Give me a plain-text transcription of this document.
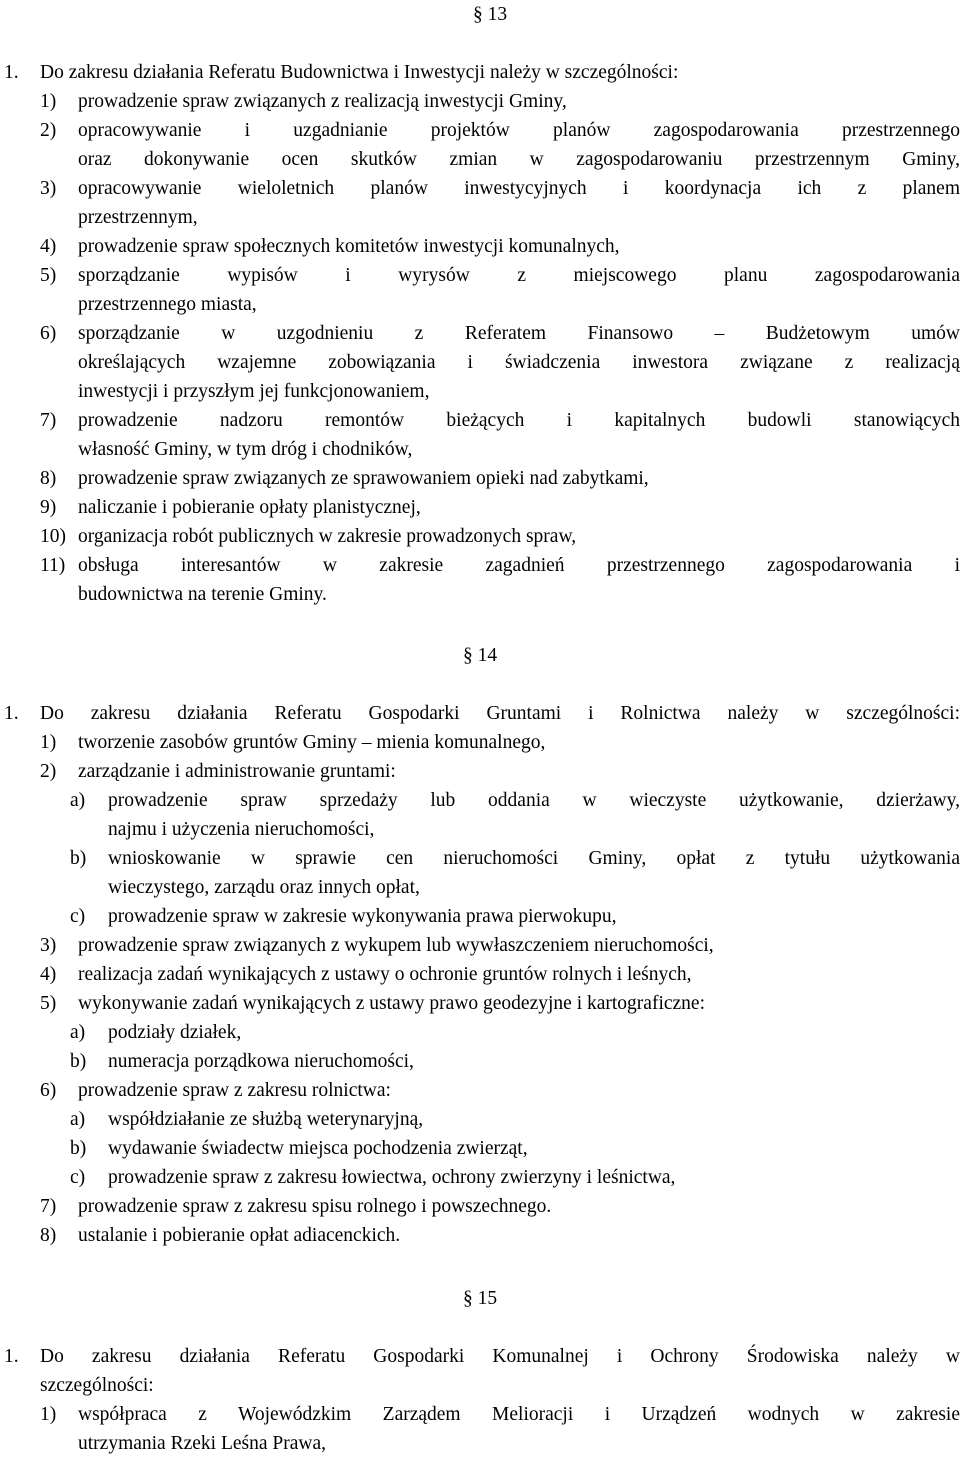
§ 13
1. Do zakresu działania Referatu Budownictwa i Inwestycji należy w szczególności:
1) prowadzenie spraw związanych z realizacją inwestycji Gminy,
2) opracowywanie i uzgadnianie projektów planów zagospodarowania przestrzennego
oraz dokonywanie ocen skutków zmian w zagospodarowaniu przestrzennym Gminy,
3) opracowywanie wieloletnich planów inwestycyjnych i koordynacja ich z planem
przestrzennym,
4) prowadzenie spraw społecznych komitetów inwestycji komunalnych,
5) sporządzanie wypisów i wyrysów z miejscowego planu zagospodarowania
przestrzennego miasta,
6) sporządzanie w uzgodnieniu z Referatem Finansowo – Budżetowym umów
określających wzajemne zobowiązania i świadczenia inwestora związane z realizacją
inwestycji i przyszłym jej funkcjonowaniem,
7) prowadzenie nadzoru remontów bieżących i kapitalnych budowli stanowiących
własność Gminy, w tym dróg i chodników,
8) prowadzenie spraw związanych ze sprawowaniem opieki nad zabytkami,
9) naliczanie i pobieranie opłaty planistycznej,
10) organizacja robót publicznych w zakresie prowadzonych spraw,
11) obsługa interesantów w zakresie zagadnień przestrzennego zagospodarowania i
budownictwa na terenie Gminy.
§ 14
1. Do zakresu działania Referatu Gospodarki Gruntami i Rolnictwa należy w szczególności:
1) tworzenie zasobów gruntów Gminy – mienia komunalnego,
2) zarządzanie i administrowanie gruntami:
a) prowadzenie spraw sprzedaży lub oddania w wieczyste użytkowanie, dzierżawy,
najmu i użyczenia nieruchomości,
b) wnioskowanie w sprawie cen nieruchomości Gminy, opłat z tytułu użytkowania
wieczystego, zarządu oraz innych opłat,
c) prowadzenie spraw w zakresie wykonywania prawa pierwokupu,
3) prowadzenie spraw związanych z wykupem lub wywłaszczeniem nieruchomości,
4) realizacja zadań wynikających z ustawy o ochronie gruntów rolnych i leśnych,
5) wykonywanie zadań wynikających z ustawy prawo geodezyjne i kartograficzne:
a) podziały działek,
b) numeracja porządkowa nieruchomości,
6) prowadzenie spraw z zakresu rolnictwa:
a) współdziałanie ze służbą weterynaryjną,
b) wydawanie świadectw miejsca pochodzenia zwierząt,
c) prowadzenie spraw z zakresu łowiectwa, ochrony zwierzyny i leśnictwa,
7) prowadzenie spraw z zakresu spisu rolnego i powszechnego.
8) ustalanie i pobieranie opłat adiacenckich.
§ 15
1. Do zakresu działania Referatu Gospodarki Komunalnej i Ochrony Środowiska należy w
szczególności:
1) współpraca z Wojewódzkim Zarządem Melioracji i Urządzeń wodnych w zakresie
utrzymania Rzeki Leśna Prawa,
